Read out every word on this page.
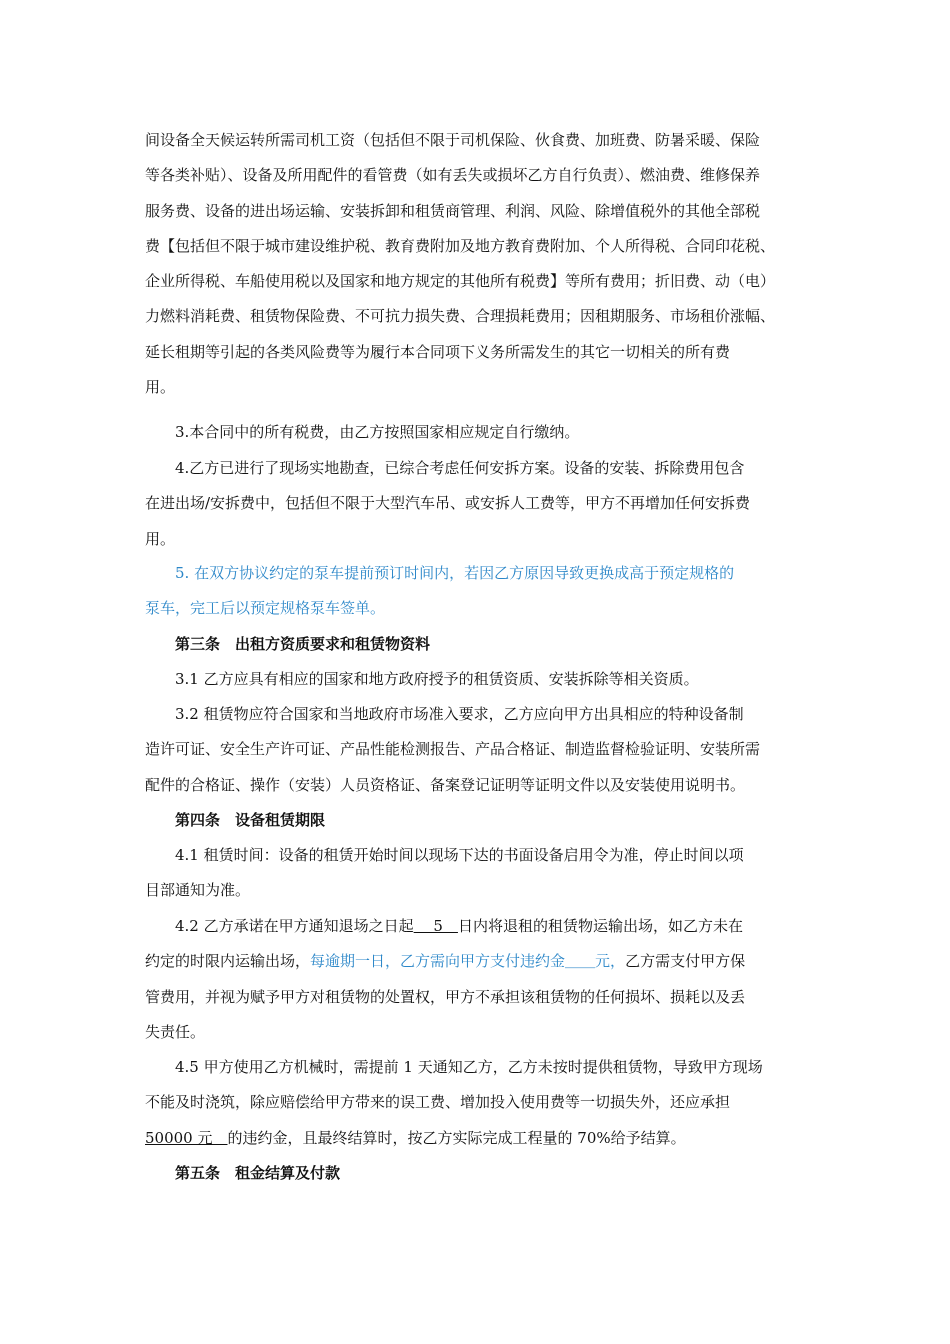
间设备全天候运转所需司机工资（包括但不限于司机保险、伙食费、加班费、防暑采暖、保险
等各类补贴）、设备及所用配件的看管费（如有丢失或损坏乙方自行负责）、燃油费、维修保养
服务费、设备的进出场运输、安装拆卸和租赁商管理、利润、风险、除增值税外的其他全部税
费【包括但不限于城市建设维护税、教育费附加及地方教育费附加、个人所得税、合同印花税、
企业所得税、车船使用税以及国家和地方规定的其他所有税费】等所有费用；折旧费、动（电）
力燃料消耗费、租赁物保险费、不可抗力损失费、合理损耗费用；因租期服务、市场租价涨幅、
延长租期等引起的各类风险费等为履行本合同项下义务所需发生的其它一切相关的所有费
用。
3.本合同中的所有税费，由乙方按照国家相应规定自行缴纳。
4.乙方已进行了现场实地勘查，已综合考虑任何安拆方案。设备的安装、拆除费用包含
在进出场/安拆费中，包括但不限于大型汽车吊、或安拆人工费等，甲方不再增加任何安拆费
用。
5. 在双方协议约定的泵车提前预订时间内，若因乙方原因导致更换成高于预定规格的
泵车，完工后以预定规格泵车签单。
第三条　出租方资质要求和租赁物资料
3.1 乙方应具有相应的国家和地方政府授予的租赁资质、安装拆除等相关资质。
3.2 租赁物应符合国家和当地政府市场准入要求，乙方应向甲方出具相应的特种设备制
造许可证、安全生产许可证、产品性能检测报告、产品合格证、制造监督检验证明、安装所需
配件的合格证、操作（安装）人员资格证、备案登记证明等证明文件以及安装使用说明书。
第四条　设备租赁期限
4.1 租赁时间：设备的租赁开始时间以现场下达的书面设备启用令为准，停止时间以项
目部通知为准。
4.2 乙方承诺在甲方通知退场之日起　 5　日内将退租的租赁物运输出场，如乙方未在
约定的时限内运输出场，每逾期一日，乙方需向甲方支付违约金＿＿元，乙方需支付甲方保
管费用，并视为赋予甲方对租赁物的处置权，甲方不承担该租赁物的任何损坏、损耗以及丢
失责任。
4.5 甲方使用乙方机械时，需提前 1 天通知乙方，乙方未按时提供租赁物，导致甲方现场
不能及时浇筑，除应赔偿给甲方带来的误工费、增加投入使用费等一切损失外，还应承担
50000 元　的违约金，且最终结算时，按乙方实际完成工程量的 70%给予结算。
第五条　租金结算及付款
